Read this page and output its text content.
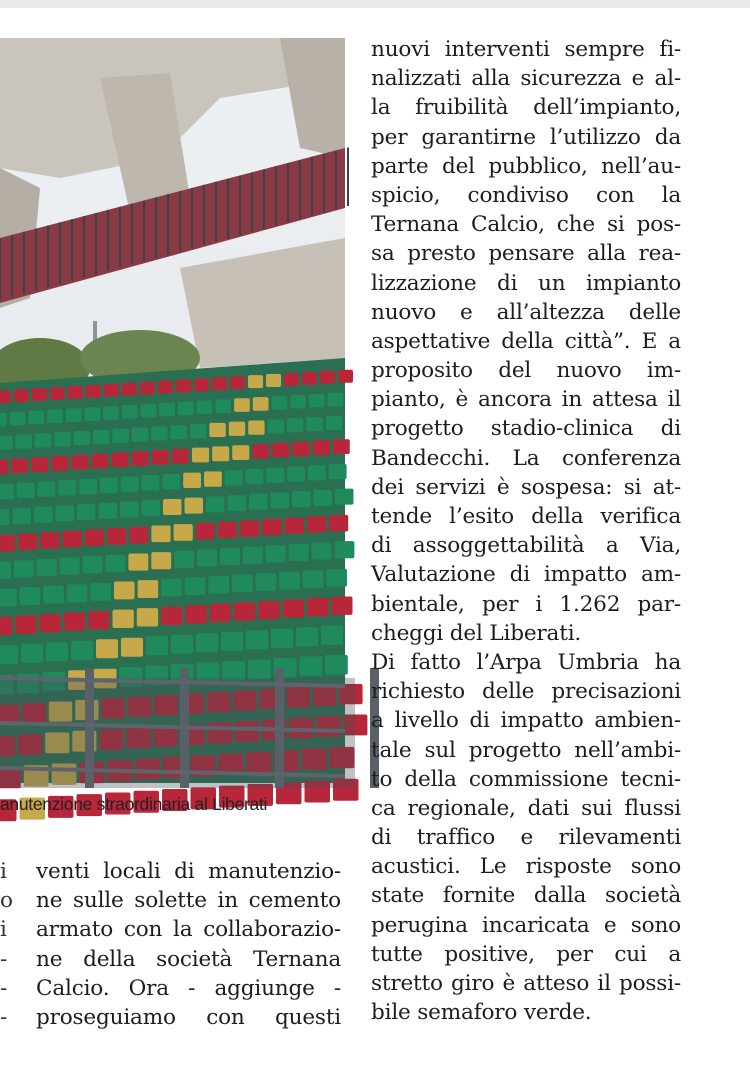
anutenzione straordinaria al Liberati
nuovi interventi sempre fi-
nalizzati alla sicurezza e al-
la fruibilità dell’impianto,
per garantirne l’utilizzo da
parte del pubblico, nell’au-
spicio, condiviso con la
Ternana Calcio, che si pos-
sa presto pensare alla rea-
lizzazione di un impianto
nuovo e all’altezza delle
aspettative della città”. E a
proposito del nuovo im-
pianto, è ancora in attesa il
progetto stadio-clinica di
Bandecchi. La conferenza
dei servizi è sospesa: si at-
tende l’esito della verifica
di assoggettabilità a Via,
Valutazione di impatto am-
bientale, per i 1.262 par-
cheggi del Liberati.
Di fatto l’Arpa Umbria ha
richiesto delle precisazioni
a livello di impatto ambien-
tale sul progetto nell’ambi-
to della commissione tecni-
ca regionale, dati sui flussi
di traffico e rilevamenti
acustici. Le risposte sono
state fornite dalla società
perugina incaricata e sono
tutte positive, per cui a
stretto giro è atteso il possi-
bile semaforo verde.
venti locali di manutenzio-
ne sulle solette in cemento
armato con la collaborazio-
ne della società Ternana
Calcio. Ora - aggiunge -
proseguiamo con questi
i
o
i
-
-
-
